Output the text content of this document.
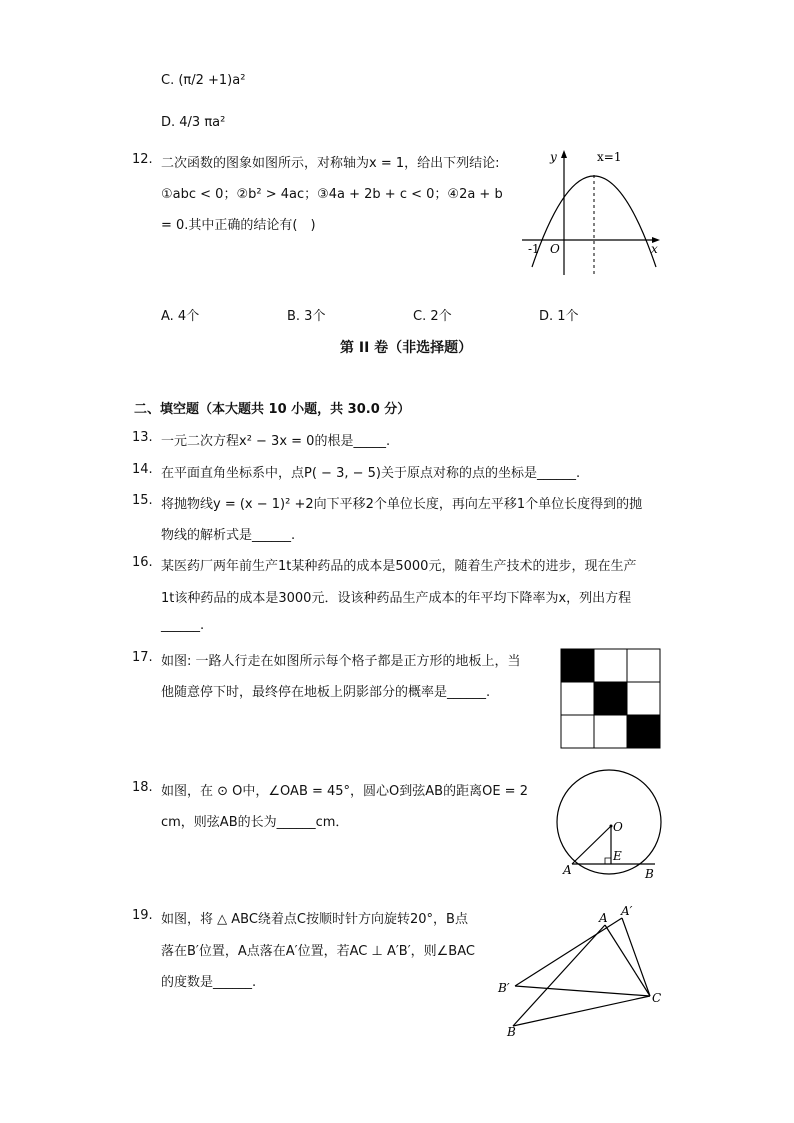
C. (π/2 +1)a²
D. 4/3 πa²
12. 二次函数的图象如图所示，对称轴为x = 1，给出下列结论:
①abc < 0；②b² > 4ac；③4a + 2b + c < 0；④2a + b
= 0.其中正确的结论有(　)
y	x=1
-1 O	x
A. 4个	B. 3个	C. 2个	D. 1个
第 II 卷（非选择题）
二、填空题（本大题共 10 小题，共 30.0 分）
13. 一元二次方程x² − 3x = 0的根是_____.
14. 在平面直角坐标系中，点P( − 3, − 5)关于原点对称的点的坐标是______.
15. 将抛物线y = (x − 1)² +2向下平移2个单位长度，再向左平移1个单位长度得到的抛
物线的解析式是______.
16. 某医药厂两年前生产1t某种药品的成本是5000元，随着生产技术的进步，现在生产
1t该种药品的成本是3000元．设该种药品生产成本的年平均下降率为x，列出方程
______.
17. 如图: 一路人行走在如图所示每个格子都是正方形的地板上，当
他随意停下时，最终停在地板上阴影部分的概率是______.
18. 如图，在 ⊙ O中，∠OAB = 45°，圆心O到弦AB的距离OE = 2
cm，则弦AB的长为______cm．	O
E
A	B
19. 如图，将 △ ABC绕着点C按顺时针方向旋转20°，B点
落在B′位置，A点落在A′位置，若AC ⊥ A′B′，则∠BAC
的度数是______.
A A′
B′
C
B
